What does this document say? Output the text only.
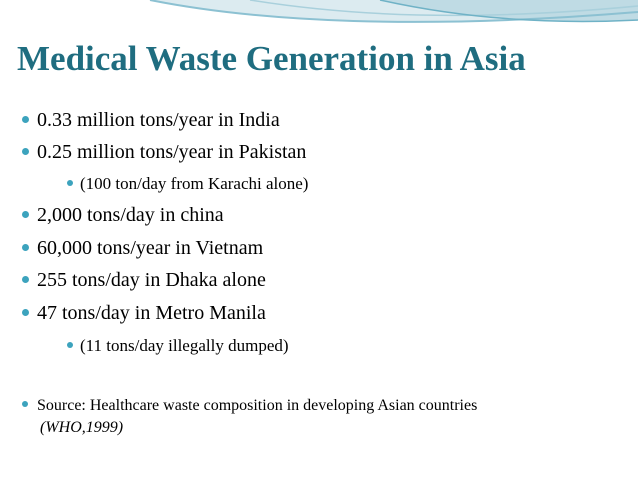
Medical Waste Generation in Asia
0.33 million tons/year in India
0.25 million tons/year in Pakistan
(100 ton/day from Karachi alone)
2,000 tons/day in china
60,000 tons/year in Vietnam
255 tons/day in Dhaka alone
47 tons/day in Metro Manila
(11 tons/day illegally dumped)
Source: Healthcare waste composition in developing Asian countries
(WHO,1999)
